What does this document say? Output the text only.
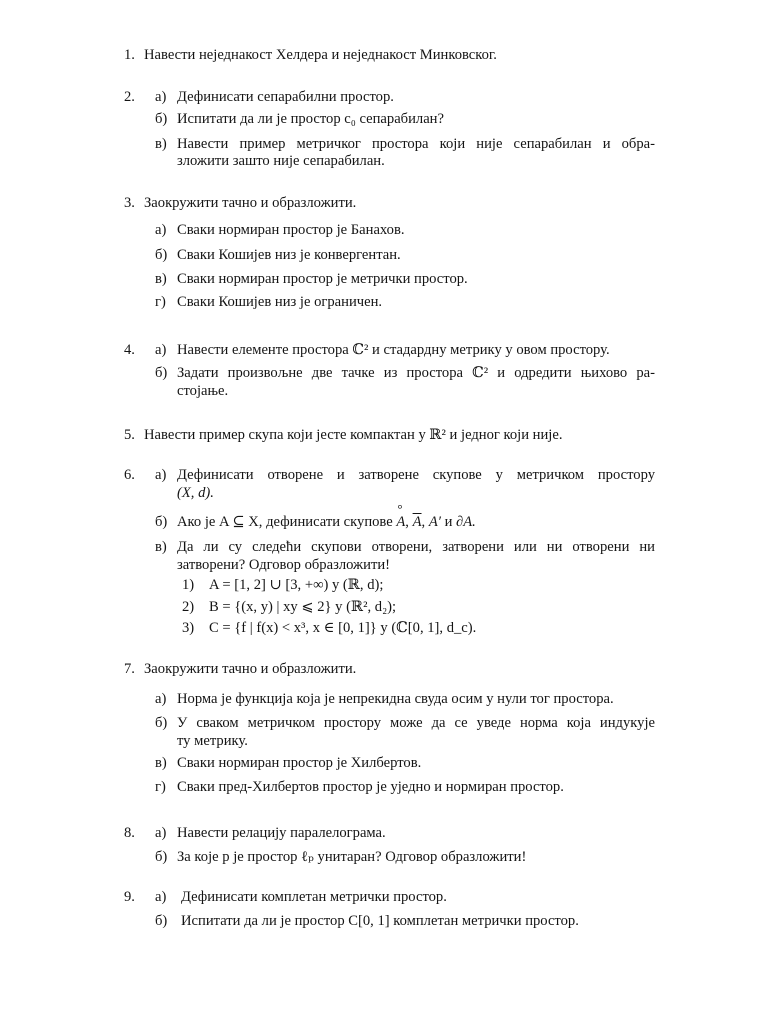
1. Навести неједнакост Хелдера и неједнакост Минковског.
2. а) Дефинисати сепарабилни простор.
б) Испитати да ли је простор c₀ сепарабилан?
в) Навести пример метричког простора који није сепарабилан и обра-
зложити зашто није сепарабилан.
3. Заокружити тачно и образложити.
а) Сваки нормиран простор је Банахов.
б) Сваки Кошијев низ је конвергентан.
в) Сваки нормиран простор је метрички простор.
г) Сваки Кошијев низ је ограничен.
4. а) Навести елементе простора ℂ² и стадардну метрику у овом простору.
б) Задати произвољне две тачке из простора ℂ² и одредити њихово ра-
стојање.
5. Навести пример скупа који јесте компактан у ℝ² и једног који није.
6. а) Дефинисати отворене и затворене скупове у метричком простору
(X, d).
б) Ако је A ⊆ X, дефинисати скупове ° A, $\overline{A}$, A′ и ∂A.
в) Да ли су следећи скупови отворени, затворени или ни отворени ни
затворени? Одговор образложити!
1) A = [1, 2] ∪ [3, +∞) у (ℝ, d);
2) B = {(x, y) | xy ⩽ 2} у (ℝ², d₂);
3) C = {f | f(x) < x³, x ∈ [0, 1]} у (ℂ[0, 1], d_c).
7. Заокружити тачно и образложити.
а) Норма је функција која је непрекидна свуда осим у нули тог простора.
б) У сваком метричком простору може да се уведе норма која индукује
ту метрику.
в) Сваки нормиран простор је Хилбертов.
г) Сваки пред-Хилбертов простор је уједно и нормиран простор.
8. а) Навести релацију паралелограма.
б) За које p је простор ℓₚ унитаран? Одговор образложити!
9. а) Дефинисати комплетан метрички простор.
б) Испитати да ли је простор C[0, 1] комплетан метрички простор.
